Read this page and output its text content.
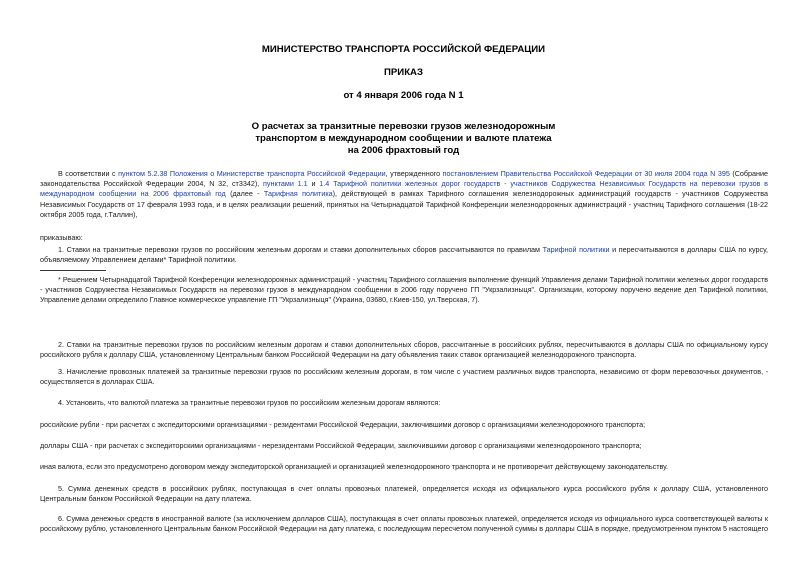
МИНИСТЕРСТВО ТРАНСПОРТА РОССИЙСКОЙ ФЕДЕРАЦИИ
ПРИКАЗ
от 4 января 2006 года N 1
О расчетах за транзитные перевозки грузов железнодорожным
транспортом в международном сообщении и валюте платежа
на 2006 фрахтовый год

В соответствии с пунктом 5.2.38 Положения о Министерстве транспорта Российской Федерации, утвержденного постановлением Правительства Российской Федерации от 30 июля 2004 года N 395 (Собрание законодательства Российской Федерации 2004, N 32, ст3342), пунктами 1.1 и 1.4 Тарифной политики железных дорог государств - участников Содружества Независимых Государств на перевозки грузов в международном сообщении на 2006 фрахтовый год (далее - Тарифная политика), действующей в рамках Тарифного соглашения железнодорожных администраций государств - участников Содружества Независимых Государств от 17 февраля 1993 года, и в целях реализации решений, принятых на Четырнадцатой Тарифной Конференции железнодорожных администраций - участниц Тарифного соглашения (18-22 октября 2005 года, г.Таллин),

приказываю:

1. Ставки на транзитные перевозки грузов по российским железным дорогам и ставки дополнительных сборов рассчитываются по правилам Тарифной политики и пересчитываются в доллары США по курсу, объявляемому Управлением делами* Тарифной политики.

* Решением Четырнадцатой Тарифной Конференции железнодорожных администраций - участниц Тарифного соглашения выполнение функций Управления делами Тарифной политики железных дорог государств - участников Содружества Независимых Государств на перевозки грузов в международном сообщении в 2006 году поручено ГП "Укрзализныця". Организации, которому поручено ведение дел Тарифной политики, Управление делами определило Главное коммерческое управление ГП "Укрзализныця" (Украина, 03680, г.Киев-150, ул.Тверская, 7).

2. Ставки на транзитные перевозки грузов по российским железным дорогам и ставки дополнительных сборов, рассчитанные в российских рублях, пересчитываются в доллары США по официальному курсу российского рубля к доллару США, установленному Центральным банком Российской Федерации на дату объявления таких ставок организацией железнодорожного транспорта.

3. Начисление провозных платежей за транзитные перевозки грузов по российским железным дорогам, в том числе с участием различных видов транспорта, независимо от форм перевозочных документов, - осуществляется в долларах США.

4. Установить, что валютой платежа за транзитные перевозки грузов по российским железным дорогам являются:

российские рубли - при расчетах с экспедиторскими организациями - резидентами Российской Федерации, заключившими договор с организациями железнодорожного транспорта;

доллары США - при расчетах с экспедиторскими организациями - нерезидентами Российской Федерации, заключившими договор с организациями железнодорожного транспорта;

иная валюта, если это предусмотрено договором между экспедиторской организацией и организацией железнодорожного транспорта и не противоречит действующему законодательству.

5. Сумма денежных средств в российских рублях, поступающая в счет оплаты провозных платежей, определяется исходя из официального курса российского рубля к доллару США, установленного Центральным банком Российской Федерации на дату платежа.

6. Сумма денежных средств в иностранной валюте (за исключением долларов США), поступающая в счет оплаты провозных платежей, определяется исходя из официального курса соответствующей валюты к российскому рублю, установленного Центральным банком Российской Федерации на дату платежа, с последующим пересчетом полученной суммы в доллары США в порядке, предусмотренном пунктом 5 настоящего
